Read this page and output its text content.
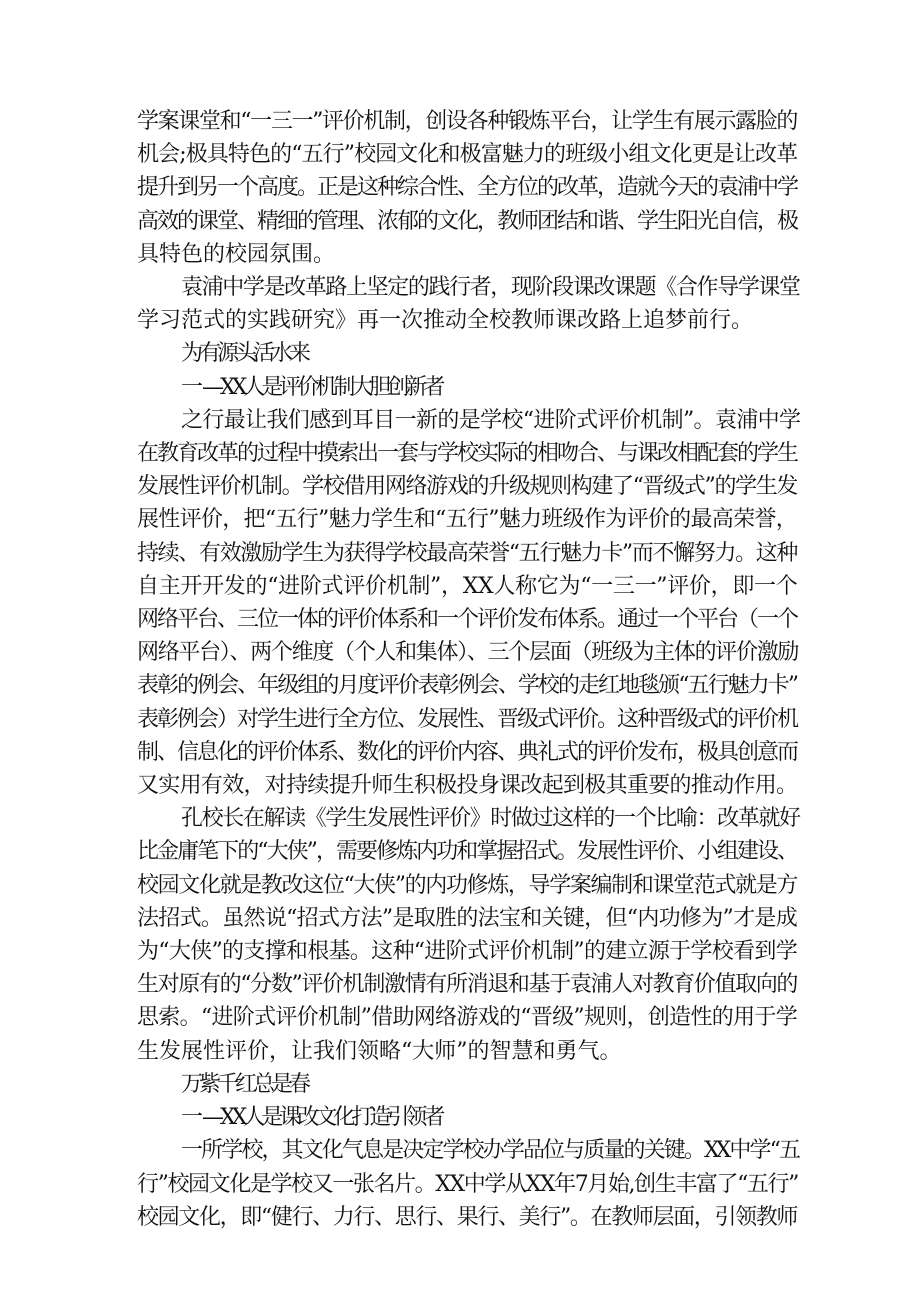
学案课堂和“一三一”评价机制，创设各种锻炼平台，让学生有展示露脸的
机会;极具特色的“五行”校园文化和极富魅力的班级小组文化更是让改革
提升到另一个高度。正是这种综合性、全方位的改革，造就今天的袁浦中学
高效的课堂、精细的管理、浓郁的文化，教师团结和谐、学生阳光自信，极
具特色的校园氛围。

袁浦中学是改革路上坚定的践行者，现阶段课改课题《合作导学课堂
学习范式的实践研究》再一次推动全校教师课改路上追梦前行。

为有源头活水来

一 —XX人是评价机制大胆创新者

之行最让我们感到耳目一新的是学校“进阶式评价机制”。袁浦中学
在教育改革的过程中摸索出一套与学校实际的相吻合、与课改相配套的学生
发展性评价机制。学校借用网络游戏的升级规则构建了“晋级式”的学生发
展性评价，把“五行”魅力学生和“五行”魅力班级作为评价的最高荣誉，
持续、有效激励学生为获得学校最高荣誉“五行魅力卡”而不懈努力。这种
自主开开发的“进阶式评价机制”，XX人称它为“一三一”评价，即一个
网络平台、三位一体的评价体系和一个评价发布体系。通过一个平台（一个
网络平台）、两个维度（个人和集体）、三个层面（班级为主体的评价激励
表彰的例会、年级组的月度评价表彰例会、学校的走红地毯颁“五行魅力卡”
表彰例会）对学生进行全方位、发展性、晋级式评价。这种晋级式的评价机
制、信息化的评价体系、数化的评价内容、典礼式的评价发布，极具创意而
又实用有效，对持续提升师生积极投身课改起到极其重要的推动作用。

孔校长在解读《学生发展性评价》时做过这样的一个比喻：改革就好
比金庸笔下的“大侠”，需要修炼内功和掌握招式。发展性评价、小组建设、
校园文化就是教改这位“大侠”的内功修炼，导学案编制和课堂范式就是方
法招式。虽然说“招式方法”是取胜的法宝和关键，但“内功修为”才是成
为“大侠”的支撑和根基。这种“进阶式评价机制”的建立源于学校看到学
生对原有的“分数”评价机制激情有所消退和基于袁浦人对教育价值取向的
思索。“进阶式评价机制”借助网络游戏的“晋级”规则，创造性的用于学
生发展性评价，让我们领略“大师”的智慧和勇气。

万紫千红总是春

一 —XX人是课改文化打造引领者

一所学校，其文化气息是决定学校办学品位与质量的关键。XX中学“五
行”校园文化是学校又一张名片。XX中学从XX年7月始,创生丰富了“五行”
校园文化，即“健行、力行、思行、果行、美行”。在教师层面，引领教师
